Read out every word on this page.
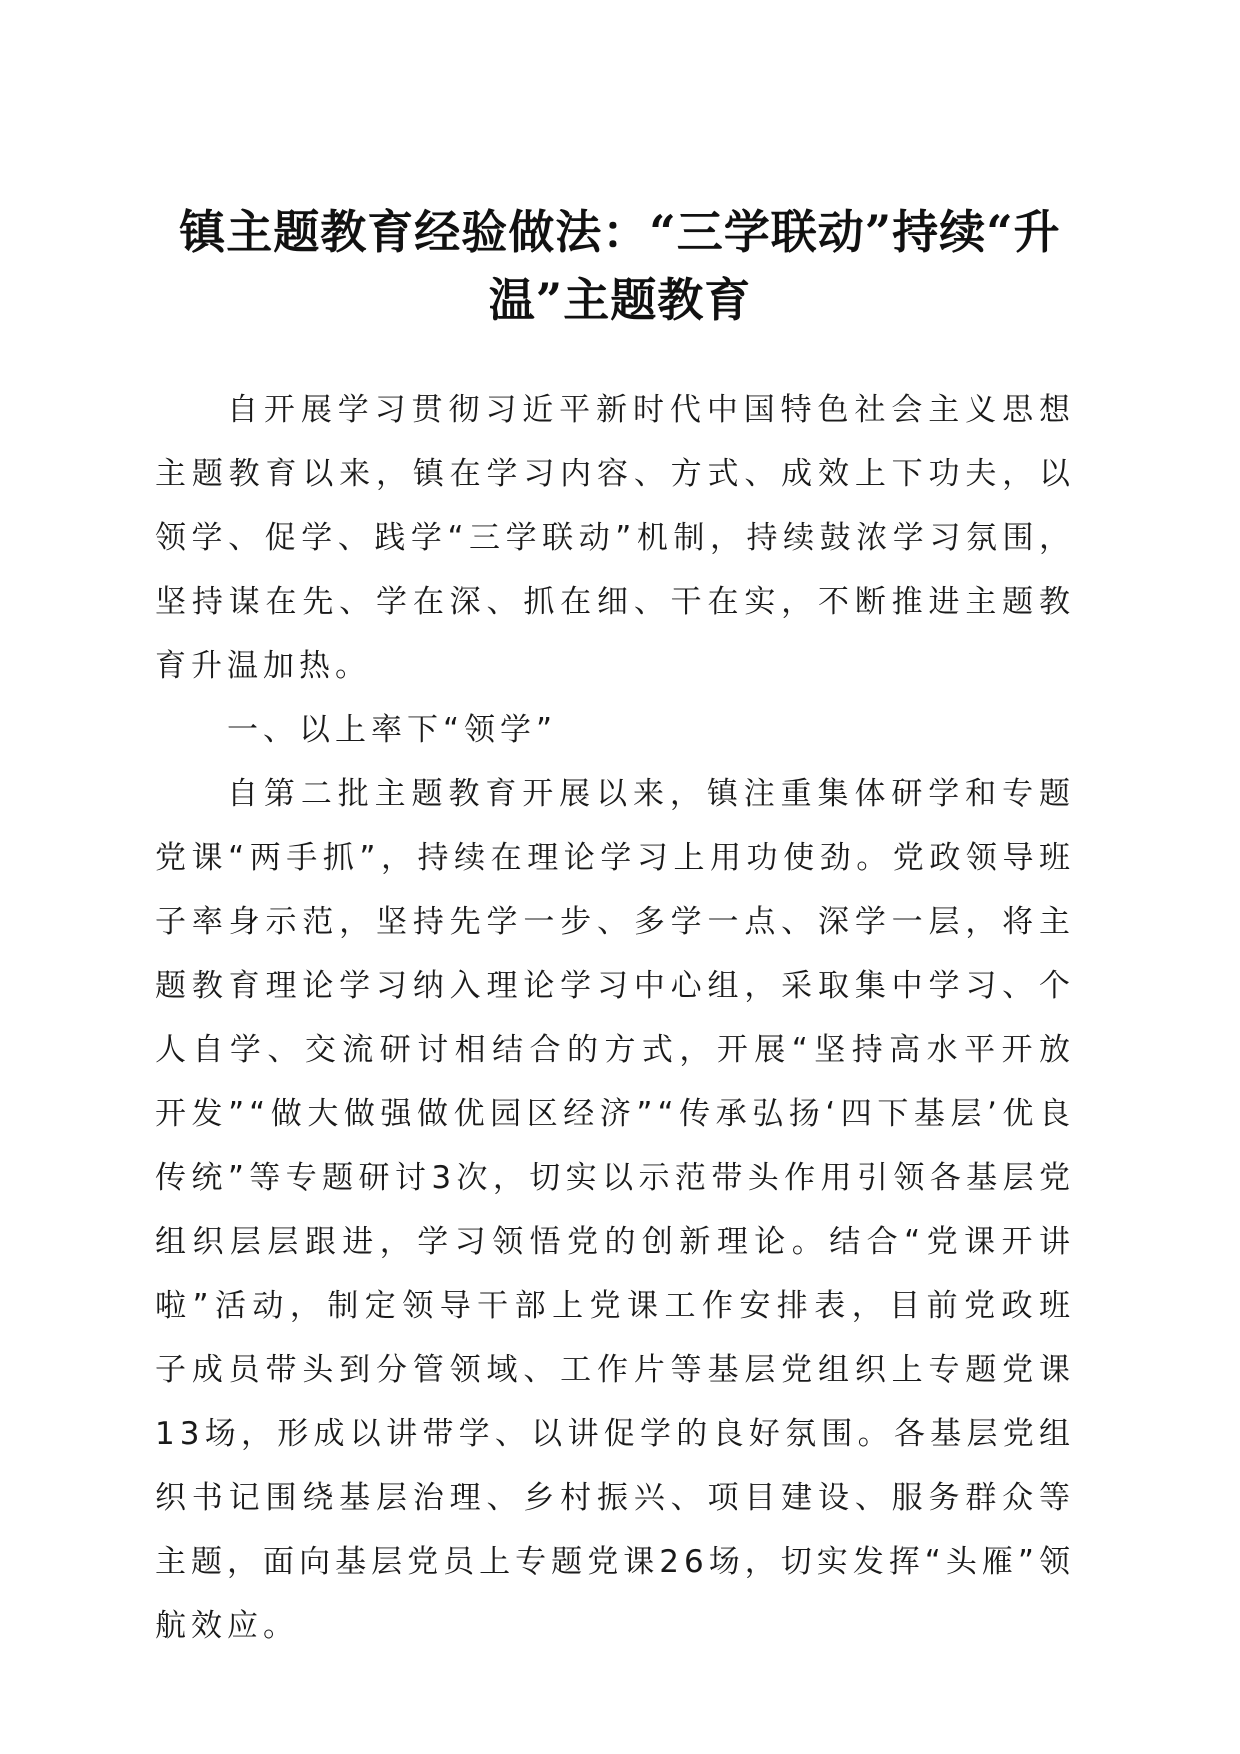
镇主题教育经验做法：“三学联动”持续“升
温”主题教育

自开展学习贯彻习近平新时代中国特色社会主义思想主题教育以来，镇在学习内容、方式、成效上下功夫，以领学、促学、践学“三学联动”机制，持续鼓浓学习氛围，坚持谋在先、学在深、抓在细、干在实，不断推进主题教育升温加热。

一、以上率下“领学”

自第二批主题教育开展以来，镇注重集体研学和专题党课“两手抓”，持续在理论学习上用功使劲。党政领导班子率身示范，坚持先学一步、多学一点、深学一层，将主题教育理论学习纳入理论学习中心组，采取集中学习、个人自学、交流研讨相结合的方式，开展“坚持高水平开放开发”“做大做强做优园区经济”“传承弘扬‘四下基层’优良传统”等专题研讨3次，切实以示范带头作用引领各基层党组织层层跟进，学习领悟党的创新理论。结合“党课开讲啦”活动，制定领导干部上党课工作安排表，目前党政班子成员带头到分管领域、工作片等基层党组织上专题党课13场，形成以讲带学、以讲促学的良好氛围。各基层党组织书记围绕基层治理、乡村振兴、项目建设、服务群众等主题，面向基层党员上专题党课26场，切实发挥“头雁”领航效应。
